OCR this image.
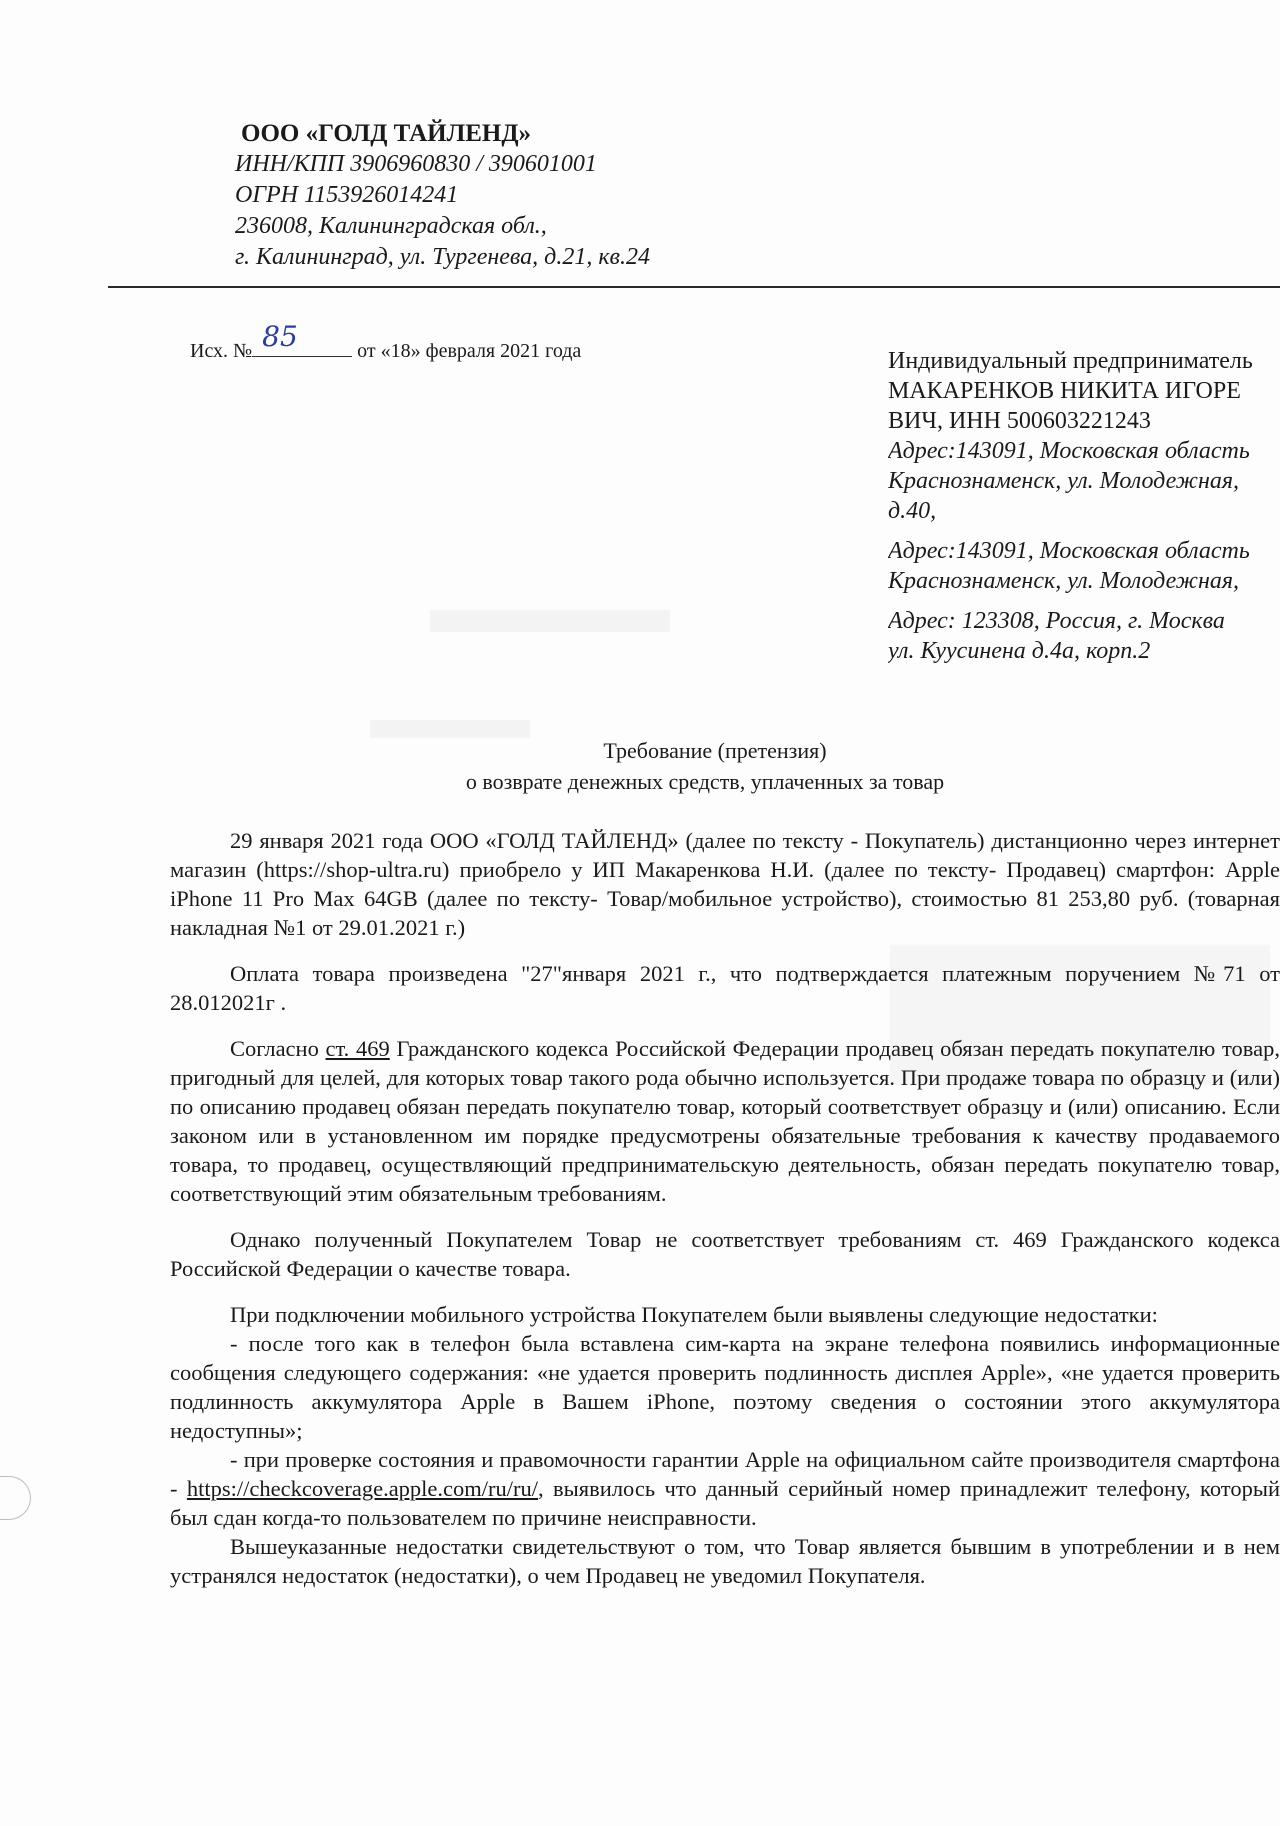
ООО «ГОЛД ТАЙЛЕНД»
ИНН/КПП 3906960830 / 390601001
ОГРН 1153926014241
236008, Калининградская обл.,
г. Калининград, ул. Тургенева, д.21, кв.24
Исх. № 85	от «18» февраля 2021 года	Индивидуальный предприниматель

МАКАРЕНКОВ НИКИТА ИГОРЕ

ВИЧ, ИНН 500603221243

Адрес:143091, Московская область

Краснознаменск, ул. Молодежная,

д.40,

Адрес:143091, Московская область

Краснознаменск, ул. Молодежная,

Адрес: 123308, Россия, г. Москва

ул. Куусинена д.4а, корп.2

Требование (претензия)
о возврате денежных средств, уплаченных за товар

29 января 2021 года ООО «ГОЛД ТАЙЛЕНД» (далее по тексту - Покупатель) дистанционно через интернет магазин (https://shop-ultra.ru) приобрело у ИП Макаренкова Н.И. (далее по тексту- Продавец) смартфон: Apple iPhone 11 Pro Max 64GB (далее по тексту- Товар/мобильное устройство), стоимостью 81 253,80 руб. (товарная накладная №1 от 29.01.2021 г.)

Оплата товара произведена "27"января 2021 г., что подтверждается платежным поручением №71 от 28.012021г .

Согласно ст. 469 Гражданского кодекса Российской Федерации продавец обязан передать покупателю товар, пригодный для целей, для которых товар такого рода обычно используется. При продаже товара по образцу и (или) по описанию продавец обязан передать покупателю товар, который соответствует образцу и (или) описанию. Если законом или в установленном им порядке предусмотрены обязательные требования к качеству продаваемого товара, то продавец, осуществляющий предпринимательскую деятельность, обязан передать покупателю товар, соответствующий этим обязательным требованиям.

Однако полученный Покупателем Товар не соответствует требованиям ст. 469 Гражданского кодекса Российской Федерации о качестве товара.

При подключении мобильного устройства Покупателем были выявлены следующие недостатки:

- после того как в телефон была вставлена сим-карта на экране телефона появились информационные сообщения следующего содержания: «не удается проверить подлинность дисплея Apple», «не удается проверить подлинность аккумулятора Apple в Вашем iPhone, поэтому сведения о состоянии этого аккумулятора недоступны»;

- при проверке состояния и правомочности гарантии Apple на официальном сайте производителя смартфона - https://checkcoverage.apple.com/ru/ru/, выявилось что данный серийный номер принадлежит телефону, который был сдан когда-то пользователем по причине неисправности.

Вышеуказанные недостатки свидетельствуют о том, что Товар является бывшим в употреблении и в нем устранялся недостаток (недостатки), о чем Продавец не уведомил Покупателя.
